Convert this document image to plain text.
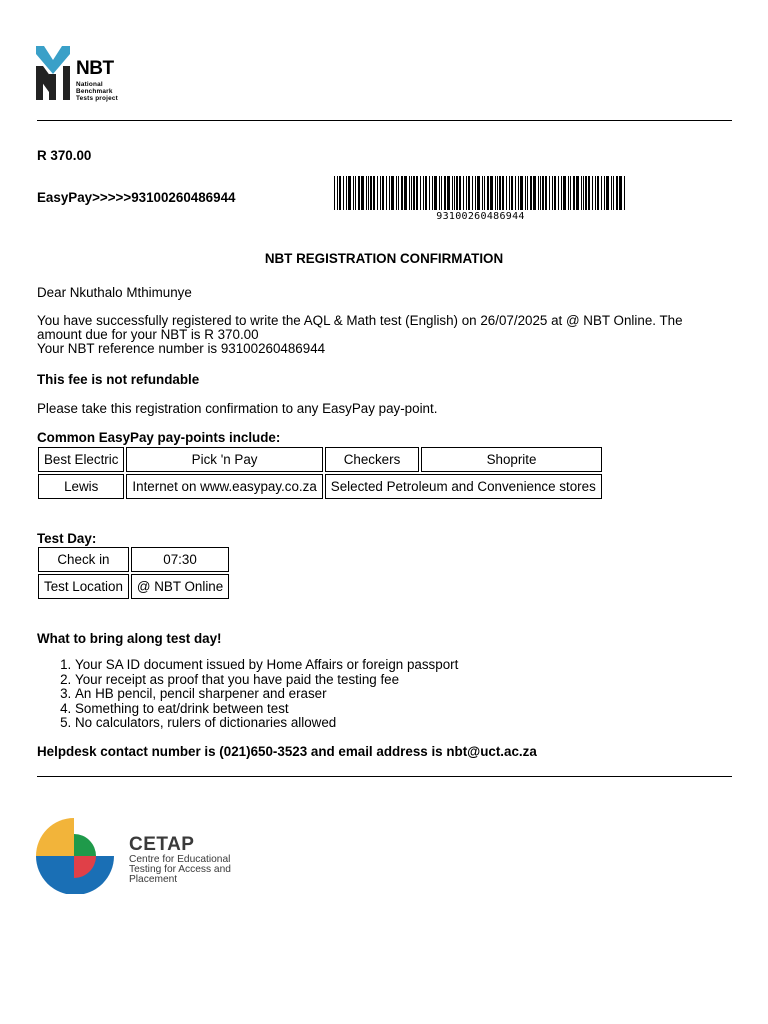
NBT
National
Benchmark
Tests project
R 370.00
EasyPay>>>>>93100260486944
93100260486944
NBT REGISTRATION CONFIRMATION
Dear Nkuthalo Mthimunye
You have successfully registered to write the AQL & Math test (English) on 26/07/2025 at @ NBT Online. The
amount due for your NBT is R 370.00
Your NBT reference number is 93100260486944
This fee is not refundable
Please take this registration confirmation to any EasyPay pay-point.
Common EasyPay pay-points include:
Best Electric	Pick 'n Pay	Checkers	Shoprite
Lewis	Internet on www.easypay.co.za	Selected Petroleum and Convenience stores	
Test Day:
Check in	07:30
Test Location	@ NBT Online
What to bring along test day!
1. Your SA ID document issued by Home Affairs or foreign passport
2. Your receipt as proof that you have paid the testing fee
3. An HB pencil, pencil sharpener and eraser
4. Something to eat/drink between test
5. No calculators, rulers of dictionaries allowed
Helpdesk contact number is (021)650-3523 and email address is nbt@uct.ac.za
CETAP
Centre for Educational
Testing for Access and
Placement
